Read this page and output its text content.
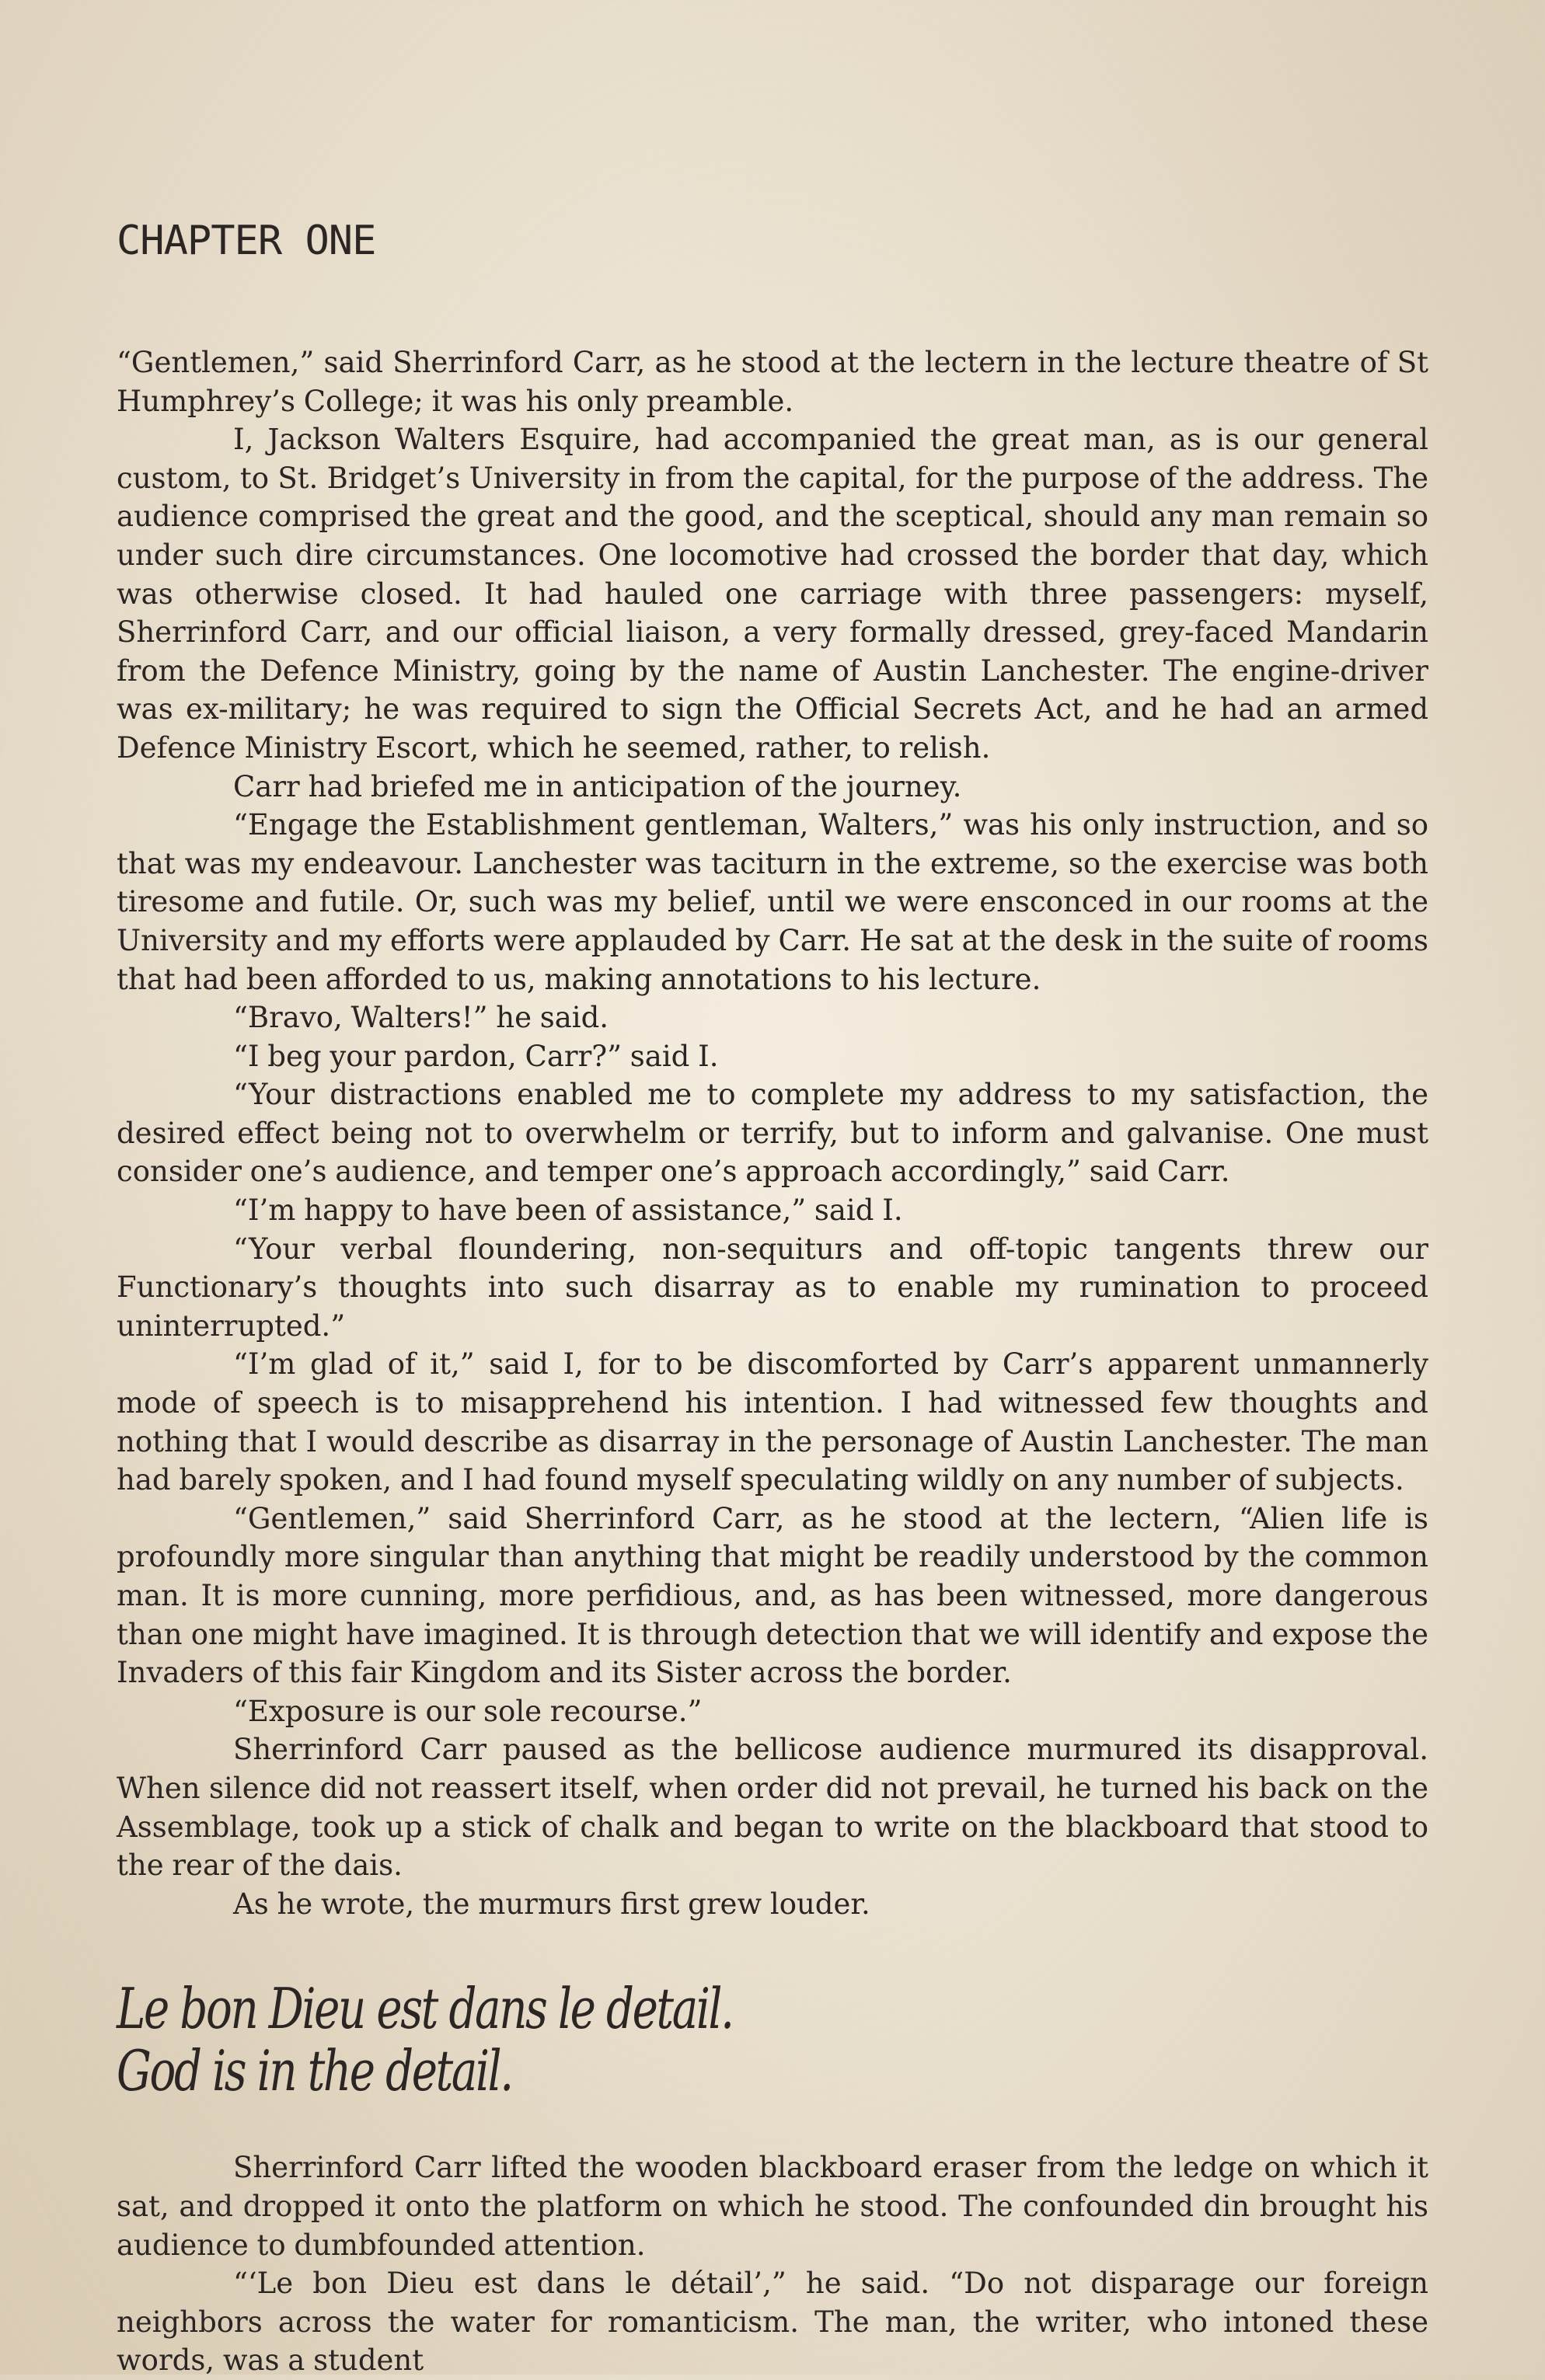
CHAPTER ONE

“Gentlemen,” said Sherrinford Carr, as he stood at the lectern in the lecture theatre of St Humphrey’s College; it was his only preamble.

I, Jackson Walters Esquire, had accompanied the great man, as is our general custom, to St. Bridget’s University in from the capital, for the purpose of the address. The audience comprised the great and the good, and the sceptical, should any man remain so under such dire circumstances. One locomotive had crossed the border that day, which was otherwise closed. It had hauled one carriage with three passengers: myself, Sherrinford Carr, and our official liaison, a very formally dressed, grey-faced Mandarin from the Defence Ministry, going by the name of Austin Lanchester. The engine-driver was ex-military; he was required to sign the Official Secrets Act, and he had an armed Defence Ministry Escort, which he seemed, rather, to relish.

Carr had briefed me in anticipation of the journey.

“Engage the Establishment gentleman, Walters,” was his only instruction, and so that was my endeavour. Lanchester was taciturn in the extreme, so the exercise was both tiresome and futile. Or, such was my belief, until we were ensconced in our rooms at the University and my efforts were applauded by Carr. He sat at the desk in the suite of rooms that had been afforded to us, making annotations to his lecture.

“Bravo, Walters!” he said.

“I beg your pardon, Carr?” said I.

“Your distractions enabled me to complete my address to my satisfaction, the desired effect being not to overwhelm or terrify, but to inform and galvanise. One must consider one’s audience, and temper one’s approach accordingly,” said Carr.

“I’m happy to have been of assistance,” said I.

“Your verbal floundering, non-sequiturs and off-topic tangents threw our Functionary’s thoughts into such disarray as to enable my rumination to proceed uninterrupted.”

“I’m glad of it,” said I, for to be discomforted by Carr’s apparent unmannerly mode of speech is to misapprehend his intention. I had witnessed few thoughts and nothing that I would describe as disarray in the personage of Austin Lanchester. The man had barely spoken, and I had found myself speculating wildly on any number of subjects.

“Gentlemen,” said Sherrinford Carr, as he stood at the lectern, “Alien life is profoundly more singular than anything that might be readily understood by the common man. It is more cunning, more perfidious, and, as has been witnessed, more dangerous than one might have imagined. It is through detection that we will identify and expose the Invaders of this fair Kingdom and its Sister across the border.

“Exposure is our sole recourse.”

Sherrinford Carr paused as the bellicose audience murmured its disapproval. When silence did not reassert itself, when order did not prevail, he turned his back on the Assemblage, took up a stick of chalk and began to write on the blackboard that stood to the rear of the dais.

As he wrote, the murmurs first grew louder.

Le bon Dieu est dans le detail.
God is in the detail.

Sherrinford Carr lifted the wooden blackboard eraser from the ledge on which it sat, and dropped it onto the platform on which he stood. The confounded din brought his audience to dumbfounded attention.

“‘Le bon Dieu est dans le détail’,” he said. “Do not disparage our foreign neighbors across the water for romanticism. The man, the writer, who intoned these words, was a student
